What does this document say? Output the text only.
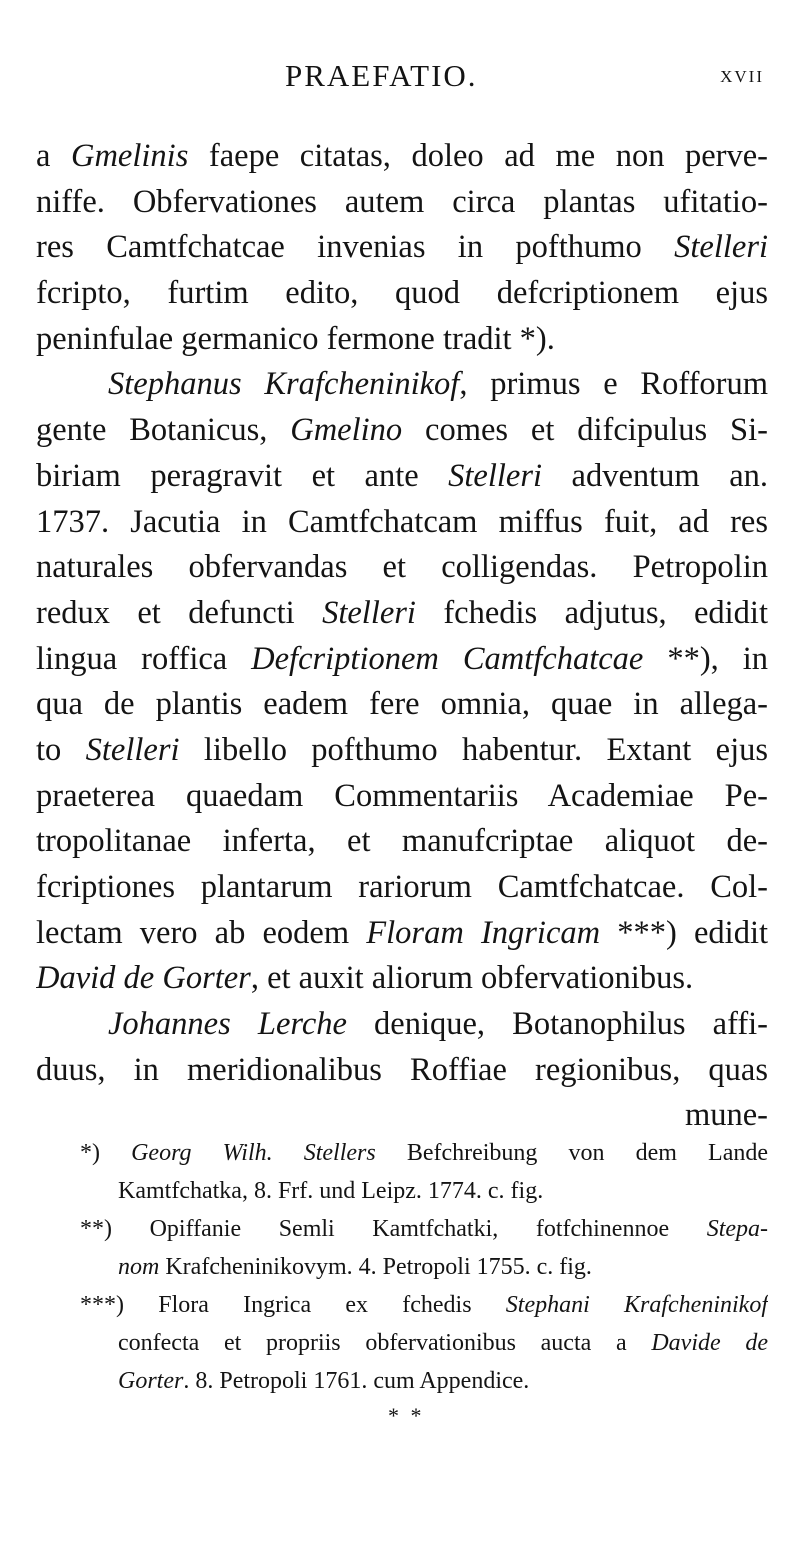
PRAEFATIO.	xvii
a Gmelinis faepe citatas, doleo ad me non perve-
niffe. Obfervationes autem circa plantas ufitatio-
res Camtfchatcae invenias in pofthumo Stelleri
fcripto, furtim edito, quod defcriptionem ejus
peninfulae germanico fermone tradit *).
Stephanus Krafcheninikof, primus e Rofforum
gente Botanicus, Gmelino comes et difcipulus Si-
biriam peragravit et ante Stelleri adventum an.
1737. Jacutia in Camtfchatcam miffus fuit, ad res
naturales obfervandas et colligendas. Petropolin
redux et defuncti Stelleri fchedis adjutus, edidit
lingua roffica Defcriptionem Camtfchatcae **), in
qua de plantis eadem fere omnia, quae in allega-
to Stelleri libello pofthumo habentur. Extant ejus
praeterea quaedam Commentariis Academiae Pe-
tropolitanae inferta, et manufcriptae aliquot de-
fcriptiones plantarum rariorum Camtfchatcae. Col-
lectam vero ab eodem Floram Ingricam ***) edidit
David de Gorter, et auxit aliorum obfervationibus.
Johannes Lerche denique, Botanophilus affi-
duus, in meridionalibus Roffiae regionibus, quas
mune-
*) Georg Wilh. Stellers Befchreibung von dem Lande
Kamtfchatka, 8. Frf. und Leipz. 1774. c. fig.
**) Opiffanie Semli Kamtfchatki, fotfchinennoe Stepa-
nom Krafcheninikovym. 4. Petropoli 1755. c. fig.
***) Flora Ingrica ex fchedis Stephani Krafcheninikof
confecta et propriis obfervationibus aucta a Davide de
Gorter. 8. Petropoli 1761. cum Appendice.
* *
